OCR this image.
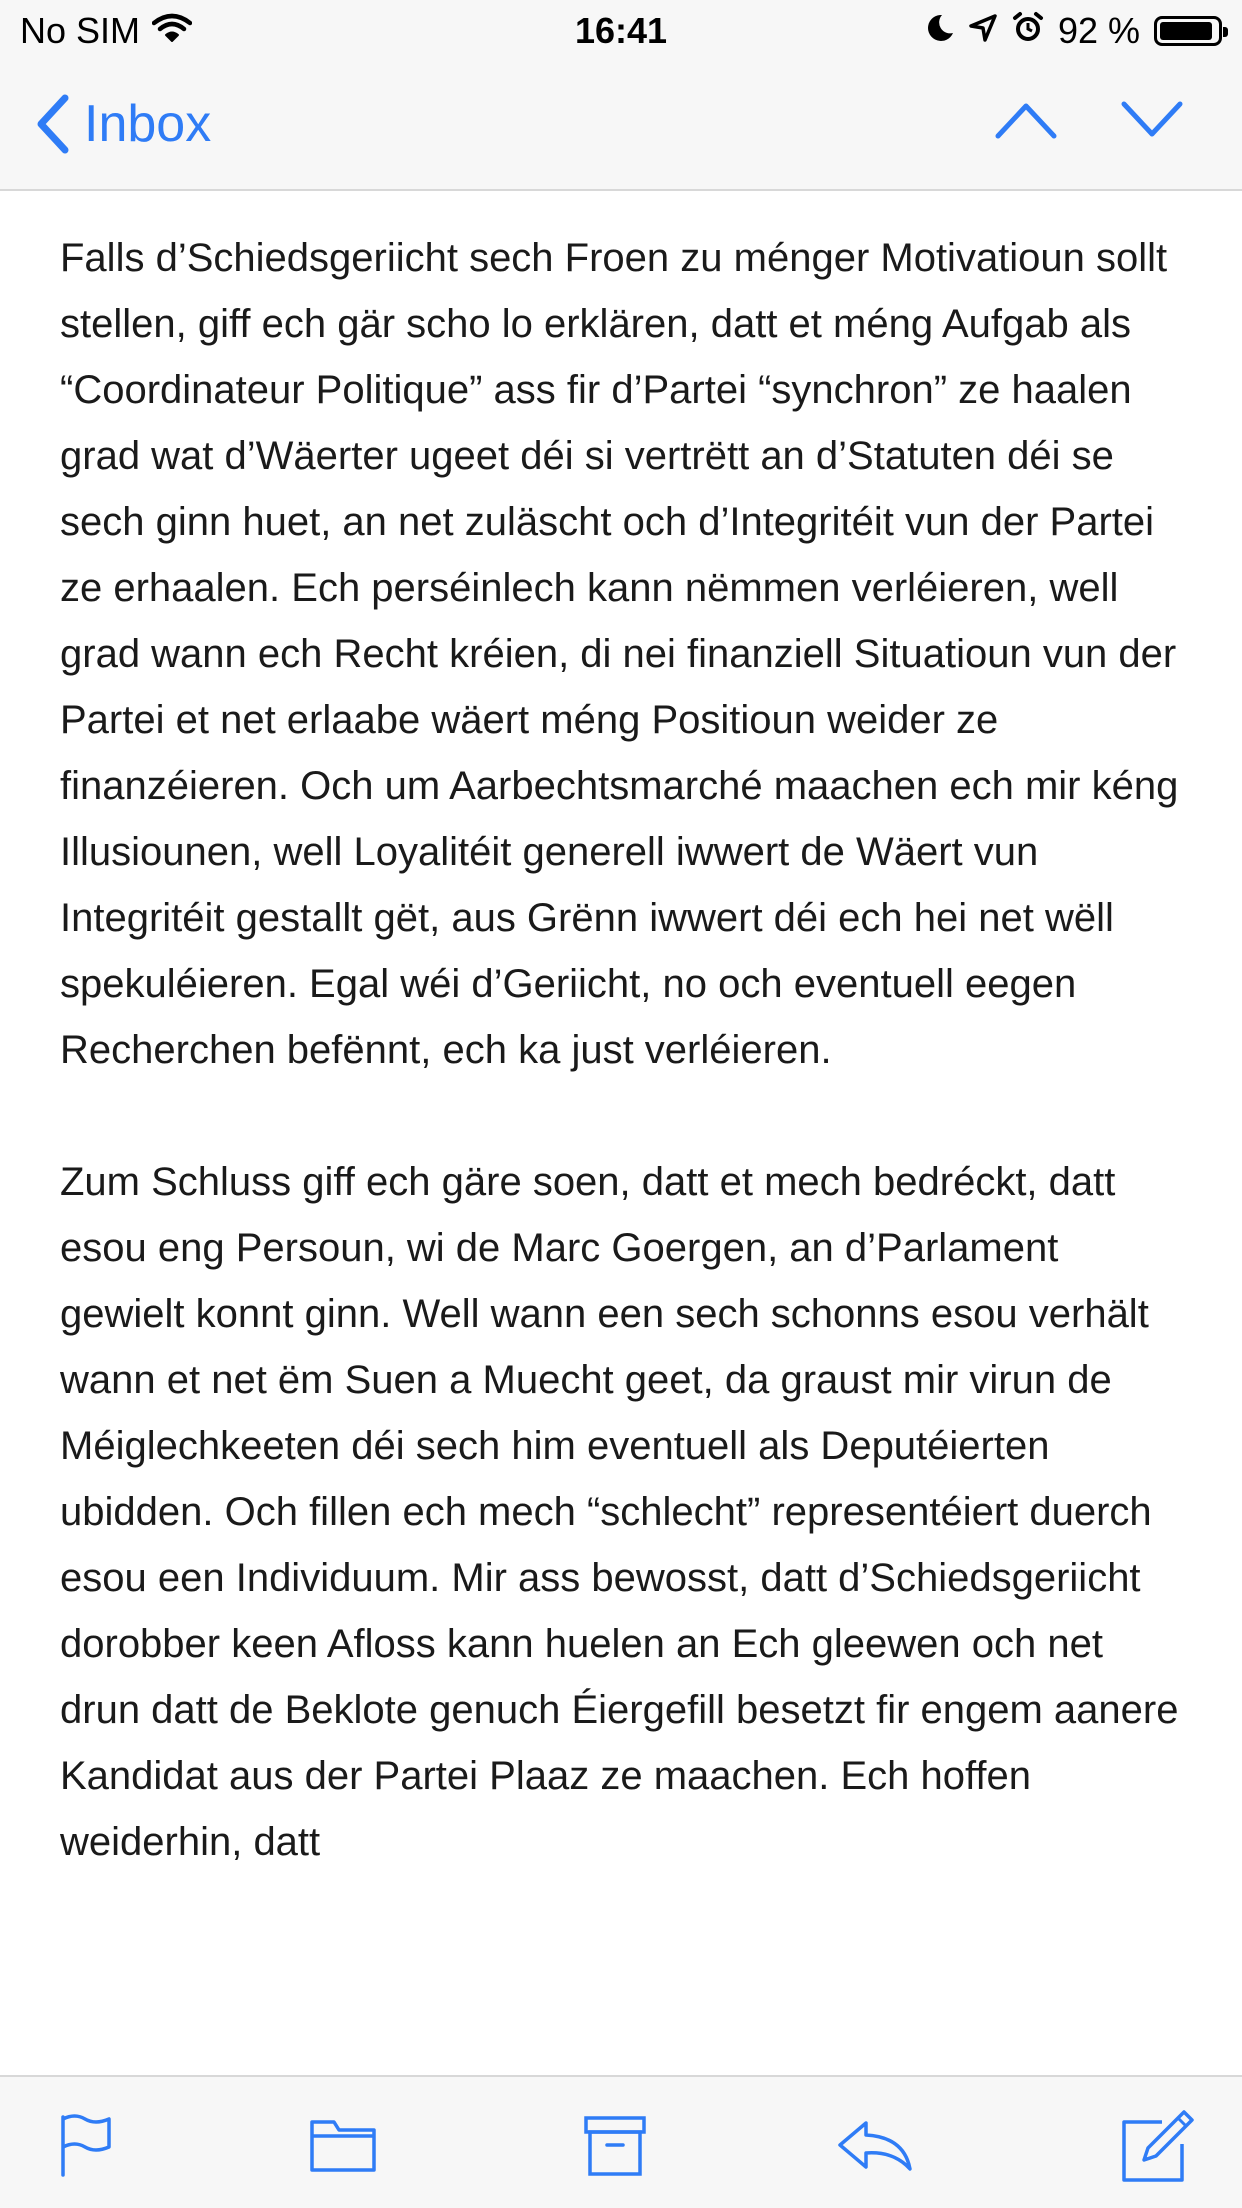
No SIM	16:41	92 %
Inbox

Falls d’Schiedsgeriicht sech Froen zu ménger Motivatioun sollt stellen, giff ech gär scho lo erklären, datt et méng Aufgab als “Coordinateur Politique” ass fir d’Partei “synchron” ze haalen grad wat d’Wäerter ugeet déi si vertrëtt an d’Statuten déi se sech ginn huet, an net zuläscht och d’Integritéit vun der Partei ze erhaalen. Ech perséinlech kann nëmmen verléieren, well grad wann ech Recht kréien, di nei finanziell Situatioun vun der Partei et net erlaabe wäert méng Positioun weider ze finanzéieren. Och um Aarbechtsmarché maachen ech mir kéng Illusiounen, well Loyalitéit generell iwwert de Wäert vun Integritéit gestallt gët, aus Grënn iwwert déi ech hei net wëll spekuléieren. Egal wéi d’Geriicht, no och eventuell eegen Recherchen befënnt, ech ka just verléieren.

Zum Schluss giff ech gäre soen, datt et mech bedréckt, datt esou eng Persoun, wi de Marc Goergen, an d’Parlament gewielt konnt ginn. Well wann een sech schonns esou verhält wann et net ëm Suen a Muecht geet, da graust mir virun de Méiglechkeeten déi sech him eventuell als Deputéierten ubidden. Och fillen ech mech “schlecht” representéiert duerch esou een Individuum. Mir ass bewosst, datt d’Schiedsgeriicht dorobber keen Afloss kann huelen an Ech gleewen och net drun datt de Beklote genuch Éiergefill besetzt fir engem aanere Kandidat aus der Partei Plaaz ze maachen. Ech hoffen weiderhin, datt
